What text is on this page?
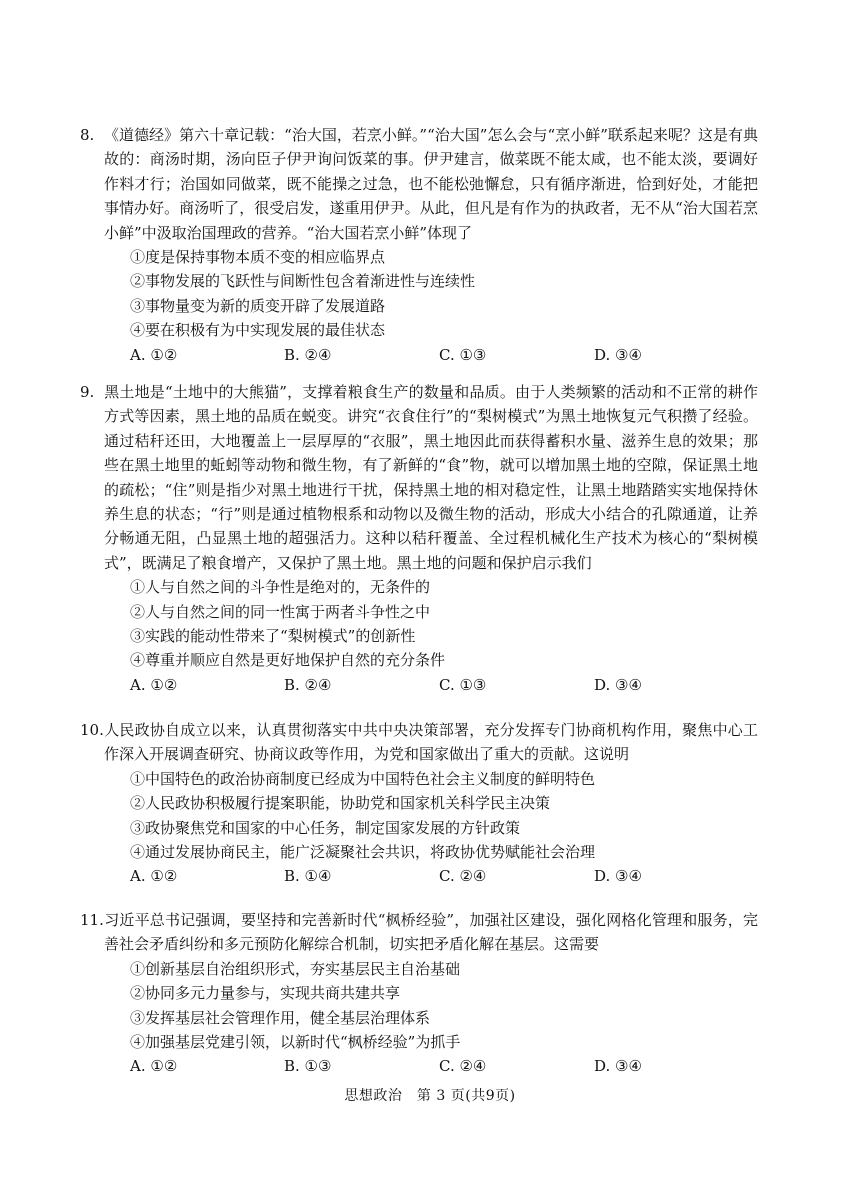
8. 《道德经》第六十章记载：“治大国，若烹小鲜。”“治大国”怎么会与“烹小鲜”联系起来呢？这是有典故的：商汤时期，汤向臣子伊尹询问饭菜的事。伊尹建言，做菜既不能太咸，也不能太淡，要调好作料才行；治国如同做菜，既不能操之过急，也不能松弛懈怠，只有循序渐进，恰到好处，才能把事情办好。商汤听了，很受启发，遂重用伊尹。从此，但凡是有作为的执政者，无不从“治大国若烹小鲜”中汲取治国理政的营养。“治大国若烹小鲜”体现了

①度是保持事物本质不变的相应临界点

②事物发展的飞跃性与间断性包含着渐进性与连续性

③事物量变为新的质变开辟了发展道路

④要在积极有为中实现发展的最佳状态

A. ①②	B. ②④	C. ①③	D. ③④

9. 黑土地是“土地中的大熊猫”，支撑着粮食生产的数量和品质。由于人类频繁的活动和不正常的耕作方式等因素，黑土地的品质在蜕变。讲究“衣食住行”的“梨树模式”为黑土地恢复元气积攒了经验。通过秸秆还田，大地覆盖上一层厚厚的“衣服”，黑土地因此而获得蓄积水量、滋养生息的效果；那些在黑土地里的蚯蚓等动物和微生物，有了新鲜的“食”物，就可以增加黑土地的空隙，保证黑土地的疏松；“住”则是指少对黑土地进行干扰，保持黑土地的相对稳定性，让黑土地踏踏实实地保持休养生息的状态；“行”则是通过植物根系和动物以及微生物的活动，形成大小结合的孔隙通道，让养分畅通无阻，凸显黑土地的超强活力。这种以秸秆覆盖、全过程机械化生产技术为核心的“梨树模式”，既满足了粮食增产，又保护了黑土地。黑土地的问题和保护启示我们

①人与自然之间的斗争性是绝对的，无条件的

②人与自然之间的同一性寓于两者斗争性之中

③实践的能动性带来了“梨树模式”的创新性

④尊重并顺应自然是更好地保护自然的充分条件

A. ①②	B. ②④	C. ①③	D. ③④

10.人民政协自成立以来，认真贯彻落实中共中央决策部署，充分发挥专门协商机构作用，聚焦中心工作深入开展调查研究、协商议政等作用，为党和国家做出了重大的贡献。这说明

①中国特色的政治协商制度已经成为中国特色社会主义制度的鲜明特色

②人民政协积极履行提案职能，协助党和国家机关科学民主决策

③政协聚焦党和国家的中心任务，制定国家发展的方针政策

④通过发展协商民主，能广泛凝聚社会共识，将政协优势赋能社会治理

A. ①②	B. ①④	C. ②④	D. ③④

11.习近平总书记强调，要坚持和完善新时代“枫桥经验”，加强社区建设，强化网格化管理和服务，完善社会矛盾纠纷和多元预防化解综合机制，切实把矛盾化解在基层。这需要

①创新基层自治组织形式，夯实基层民主自治基础

②协同多元力量参与，实现共商共建共享

③发挥基层社会管理作用，健全基层治理体系

④加强基层党建引领，以新时代“枫桥经验”为抓手

A. ①②	B. ①③	C. ②④	D. ③④
思想政治　第 3 页(共9页)
